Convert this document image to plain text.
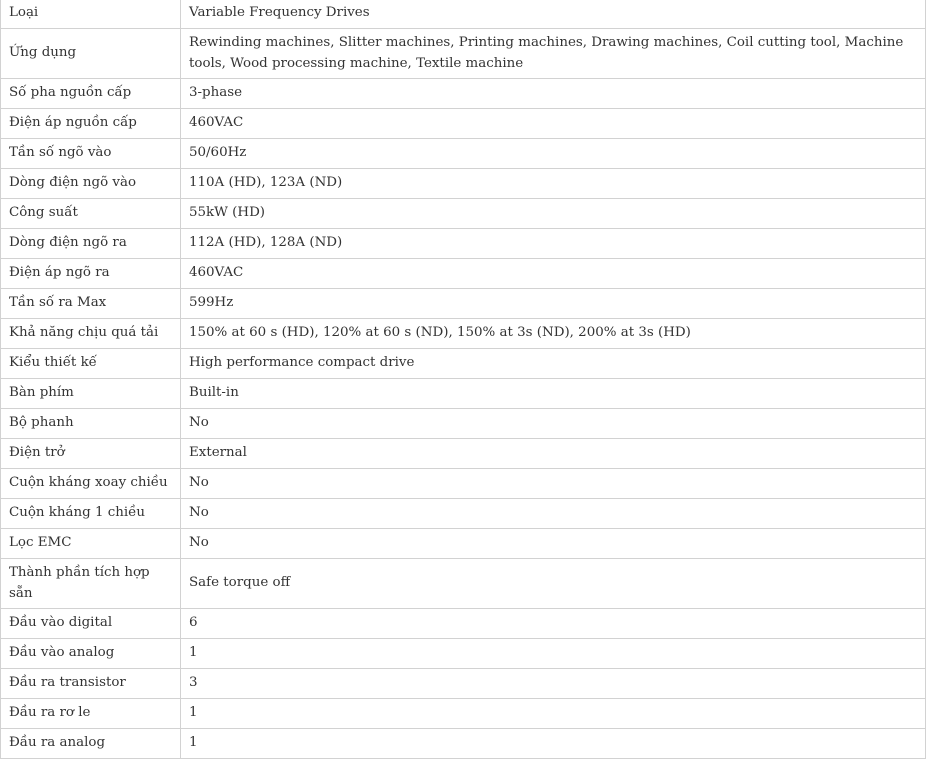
Loại	Variable Frequency Drives
Ứng dụng	Rewinding machines, Slitter machines, Printing machines, Drawing machines, Coil cutting tool, Machine tools, Wood processing machine, Textile machine
Số pha nguồn cấp	3-phase
Điện áp nguồn cấp	460VAC
Tần số ngõ vào	50/60Hz
Dòng điện ngõ vào	110A (HD), 123A (ND)
Công suất	55kW (HD)
Dòng điện ngõ ra	112A (HD), 128A (ND)
Điện áp ngõ ra	460VAC
Tần số ra Max	599Hz
Khả năng chịu quá tải	150% at 60 s (HD), 120% at 60 s (ND), 150% at 3s (ND), 200% at 3s (HD)
Kiểu thiết kế	High performance compact drive
Bàn phím	Built-in
Bộ phanh	No
Điện trở	External
Cuộn kháng xoay chiều	No
Cuộn kháng 1 chiều	No
Lọc EMC	No
Thành phần tích hợp sẵn	Safe torque off
Đầu vào digital	6
Đầu vào analog	1
Đầu ra transistor	3
Đầu ra rơ le	1
Đầu ra analog	1
